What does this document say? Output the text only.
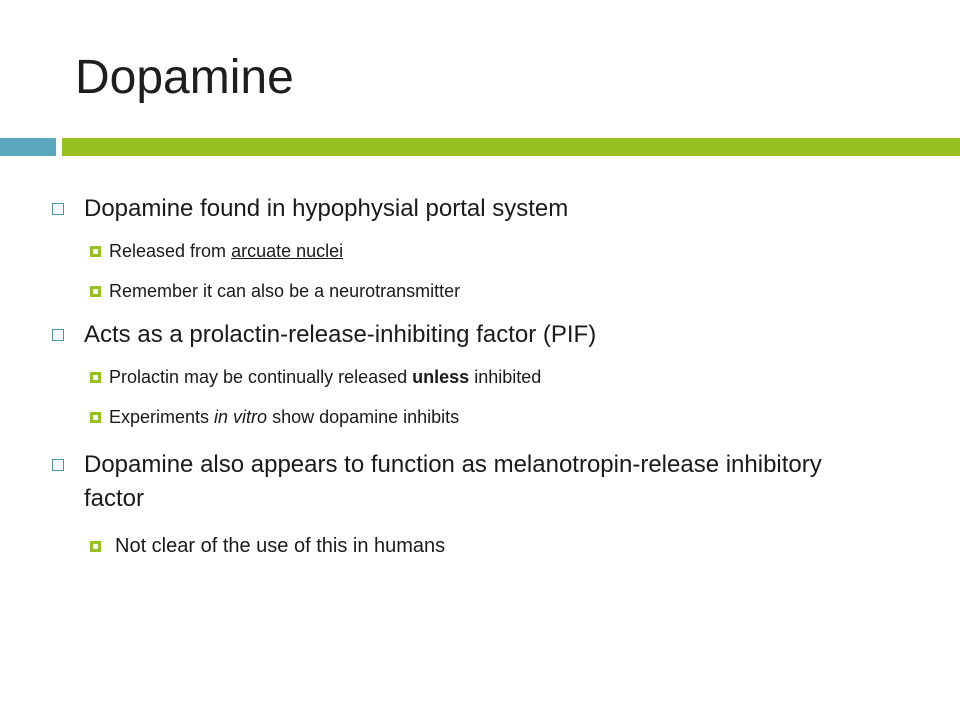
Dopamine
Dopamine found in hypophysial portal system
Released from arcuate nuclei
Remember it can also be a neurotransmitter
Acts as a prolactin-release-inhibiting factor (PIF)
Prolactin may be continually released unless inhibited
Experiments in vitro show dopamine inhibits
Dopamine also appears to function as melanotropin-release inhibitory factor
Not clear of the use of this in humans
